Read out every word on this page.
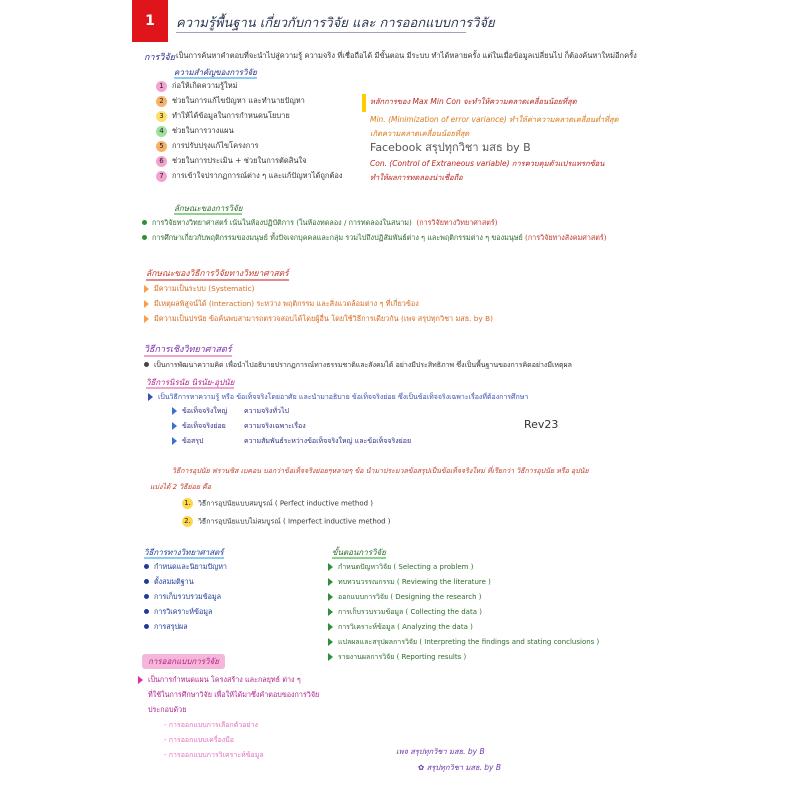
1	ความรู้พื้นฐาน เกี่ยวกับการวิจัย และ การออกแบบการวิจัย
การวิจัย เป็นการค้นหาคำตอบที่จะนำไปสู่ความรู้ ความจริง ที่เชื่อถือได้ มีขั้นตอน มีระบบ ทำได้หลายครั้ง แต่ในเมื่อข้อมูลเปลี่ยนไป ก็ต้องค้นหาใหม่อีกครั้ง
ความสำคัญของการวิจัย
1 ก่อให้เกิดความรู้ใหม่
2 ช่วยในการแก้ไขปัญหา และทำนายปัญหา
3 ทำให้ได้ข้อมูลในการกำหนดนโยบาย
4 ช่วยในการวางแผน
5 การปรับปรุงแก้ไขโครงการ
6 ช่วยในการประเมิน + ช่วยในการตัดสินใจ
7 การเข้าใจปรากฏการณ์ต่าง ๆ และแก้ปัญหาได้ถูกต้อง
หลักการของ Max Min Con จะทำให้ความคลาดเคลื่อนน้อยที่สุด
Min. (Minimization of error variance) ทำให้ค่าความคลาดเคลื่อนต่ำที่สุด
เกิดความคลาดเคลื่อนน้อยที่สุด
Facebook สรุปทุกวิชา มสธ by B
Con. (Control of Extraneous variable) การควบคุมตัวแปรแทรกซ้อน
ทำให้ผลการทดลองน่าเชื่อถือ
ลักษณะของการวิจัย
การวิจัยทางวิทยาศาสตร์ เน้นในห้องปฏิบัติการ (ในห้องทดลอง / การทดลองในสนาม) (การวิจัยทางวิทยาศาสตร์)
การศึกษาเกี่ยวกับพฤติกรรมของมนุษย์ ทั้งปัจเจกบุคคลและกลุ่ม รวมไปถึงปฏิสัมพันธ์ต่าง ๆ และพฤติกรรมต่าง ๆ ของมนุษย์ (การวิจัยทางสังคมศาสตร์)
ลักษณะของวิธีการวิจัยทางวิทยาศาสตร์
มีความเป็นระบบ (Systematic)
มีเหตุผลพิสูจน์ได้ (Interaction) ระหว่าง พฤติกรรม และสิ่งแวดล้อมต่าง ๆ ที่เกี่ยวข้อง
มีความเป็นปรนัย ข้อค้นพบสามารถตรวจสอบได้โดยผู้อื่น โดยใช้วิธีการเดียวกัน (เพจ สรุปทุกวิชา มสธ. by B)
วิธีการเชิงวิทยาศาสตร์
เป็นการพัฒนาความคิด เพื่อนำไปอธิบายปรากฏการณ์ทางธรรมชาติและสังคมได้ อย่างมีประสิทธิภาพ ซึ่งเป็นพื้นฐานของการคิดอย่างมีเหตุผล
วิธีการนิรนัย นิรนัย-อุปนัย
เป็นวิธีการหาความรู้ หรือ ข้อเท็จจริงโดยอาศัย และนำมาอธิบาย ข้อเท็จจริงย่อย ซึ่งเป็นข้อเท็จจริงเฉพาะเรื่องที่ต้องการศึกษา
ข้อเท็จจริงใหญ่ ความจริงทั่วไป
ข้อเท็จจริงย่อย	ความจริงเฉพาะเรื่อง
ข้อสรุป	ความสัมพันธ์ระหว่างข้อเท็จจริงใหญ่ และข้อเท็จจริงย่อย
Rev23
วิธีการอุปนัย ฟรานซิส เบคอน บอกว่าข้อเท็จจริงย่อยๆหลายๆ ข้อ นำมาประมวลข้อสรุปเป็นข้อเท็จจริงใหม่ ที่เรียกว่า วิธีการอุปนัย หรือ อุปนัย
แบ่งได้ 2 วิธีย่อย คือ
1. วิธีการอุปนัยแบบสมบูรณ์ ( Perfect inductive method )
2. วิธีการอุปนัยแบบไม่สมบูรณ์ ( Imperfect inductive method )
วิธีการทางวิทยาศาสตร์
กำหนดและนิยามปัญหา
ตั้งสมมติฐาน
การเก็บรวบรวมข้อมูล
การวิเคราะห์ข้อมูล
การสรุปผล
ขั้นตอนการวิจัย
กำหนดปัญหาวิจัย ( Selecting a problem )
ทบทวนวรรณกรรม ( Reviewing the literature )
ออกแบบการวิจัย ( Designing the research )
การเก็บรวบรวมข้อมูล ( Collecting the data )
การวิเคราะห์ข้อมูล ( Analyzing the data )
แปลผลและสรุปผลการวิจัย ( Interpreting the findings and stating conclusions )
รายงานผลการวิจัย ( Reporting results )
การออกแบบการวิจัย
เป็นการกำหนดแผน โครงสร้าง และกลยุทธ์ ต่าง ๆ
ที่ใช้ในการศึกษาวิจัย เพื่อให้ได้มาซึ่งคำตอบของการวิจัย
ประกอบด้วย
- การออกแบบการเลือกตัวอย่าง
- การออกแบบเครื่องมือ
- การออกแบบการวิเคราะห์ข้อมูล	เพจ สรุปทุกวิชา มสธ. by B
✿ สรุปทุกวิชา มสธ. by B
